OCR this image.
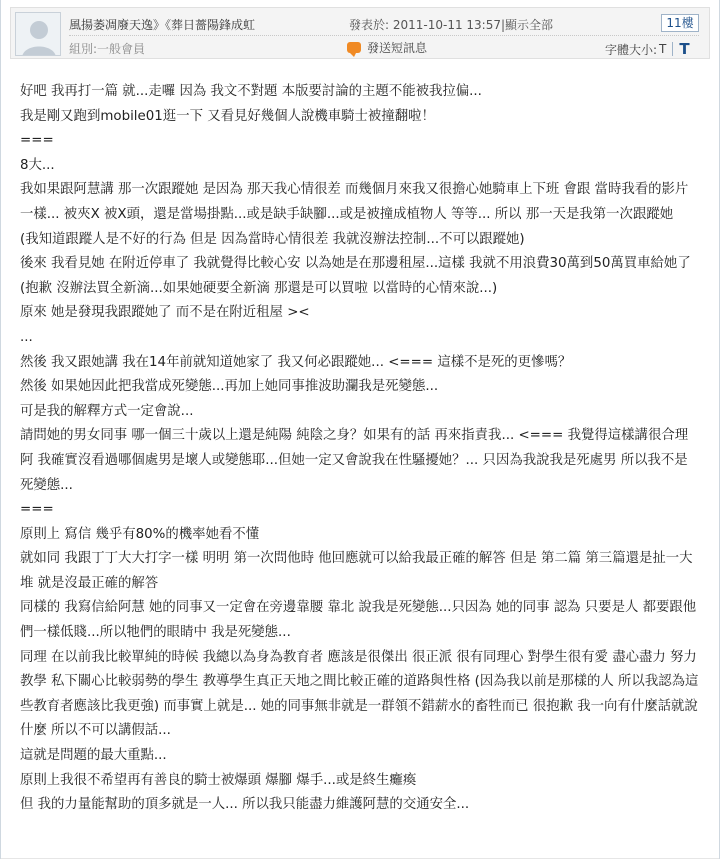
風揚萎凋廢天逸》《葬日薔陽鋒成虹	發表於: 2011-10-11 13:57|顯示全部	11樓
組別:一般會員	發送短訊息	字體大小: T T

好吧 我再打一篇 就...走囉 因為 我文不對題 本版要討論的主題不能被我拉偏...

我是剛又跑到mobile01逛一下 又看見好幾個人說機車騎士被撞翻啦！

===

8大...

我如果跟阿慧講 那一次跟蹤她 是因為 那天我心情很差 而幾個月來我又很擔心她騎車上下班 會跟 當時我看的影片一樣... 被夾X 被X頭，還是當場掛點...或是缺手缺腳...或是被撞成植物人 等等... 所以 那一天是我第一次跟蹤她

(我知道跟蹤人是不好的行為 但是 因為當時心情很差 我就沒辦法控制...不可以跟蹤她)

後來 我看見她 在附近停車了 我就覺得比較心安 以為她是在那邊租屋...這樣 我就不用浪費30萬到50萬買車給她了 (抱歉 沒辦法買全新滴...如果她硬要全新滴 那還是可以買啦 以當時的心情來說...)

原來 她是發現我跟蹤她了 而不是在附近租屋 ><

...

然後 我又跟她講 我在14年前就知道她家了 我又何必跟蹤她... <=== 這樣不是死的更慘嗎？

然後 如果她因此把我當成死變態...再加上她同事推波助瀾我是死變態...

可是我的解釋方式一定會說...

請問她的男女同事 哪一個三十歲以上還是純陽 純陰之身？如果有的話 再來指責我... <=== 我覺得這樣講很合理阿 我確實沒看過哪個處男是壞人或變態耶...但她一定又會說我在性騷擾她？... 只因為我說我是死處男 所以我不是死變態...

===

原則上 寫信 幾乎有80%的機率她看不懂

就如同 我跟丁丁大大打字一樣 明明 第一次問他時 他回應就可以給我最正確的解答 但是 第二篇 第三篇還是扯一大堆 就是沒最正確的解答

同樣的 我寫信給阿慧 她的同事又一定會在旁邊靠腰 靠北 說我是死變態...只因為 她的同事 認為 只要是人 都要跟他們一樣低賤...所以牠們的眼睛中 我是死變態...

同理 在以前我比較單純的時候 我總以為身為教育者 應該是很傑出 很正派 很有同理心 對學生很有愛 盡心盡力 努力教學 私下關心比較弱勢的學生 教導學生真正天地之間比較正確的道路與性格 (因為我以前是那樣的人 所以我認為這些教育者應該比我更強) 而事實上就是... 她的同事無非就是一群領不錯薪水的畜牲而已 很抱歉 我一向有什麼話就說什麼 所以不可以講假話...

這就是問題的最大重點...

原則上我很不希望再有善良的騎士被爆頭 爆腳 爆手...或是終生癱瘓

但 我的力量能幫助的頂多就是一人... 所以我只能盡力維護阿慧的交通安全...
